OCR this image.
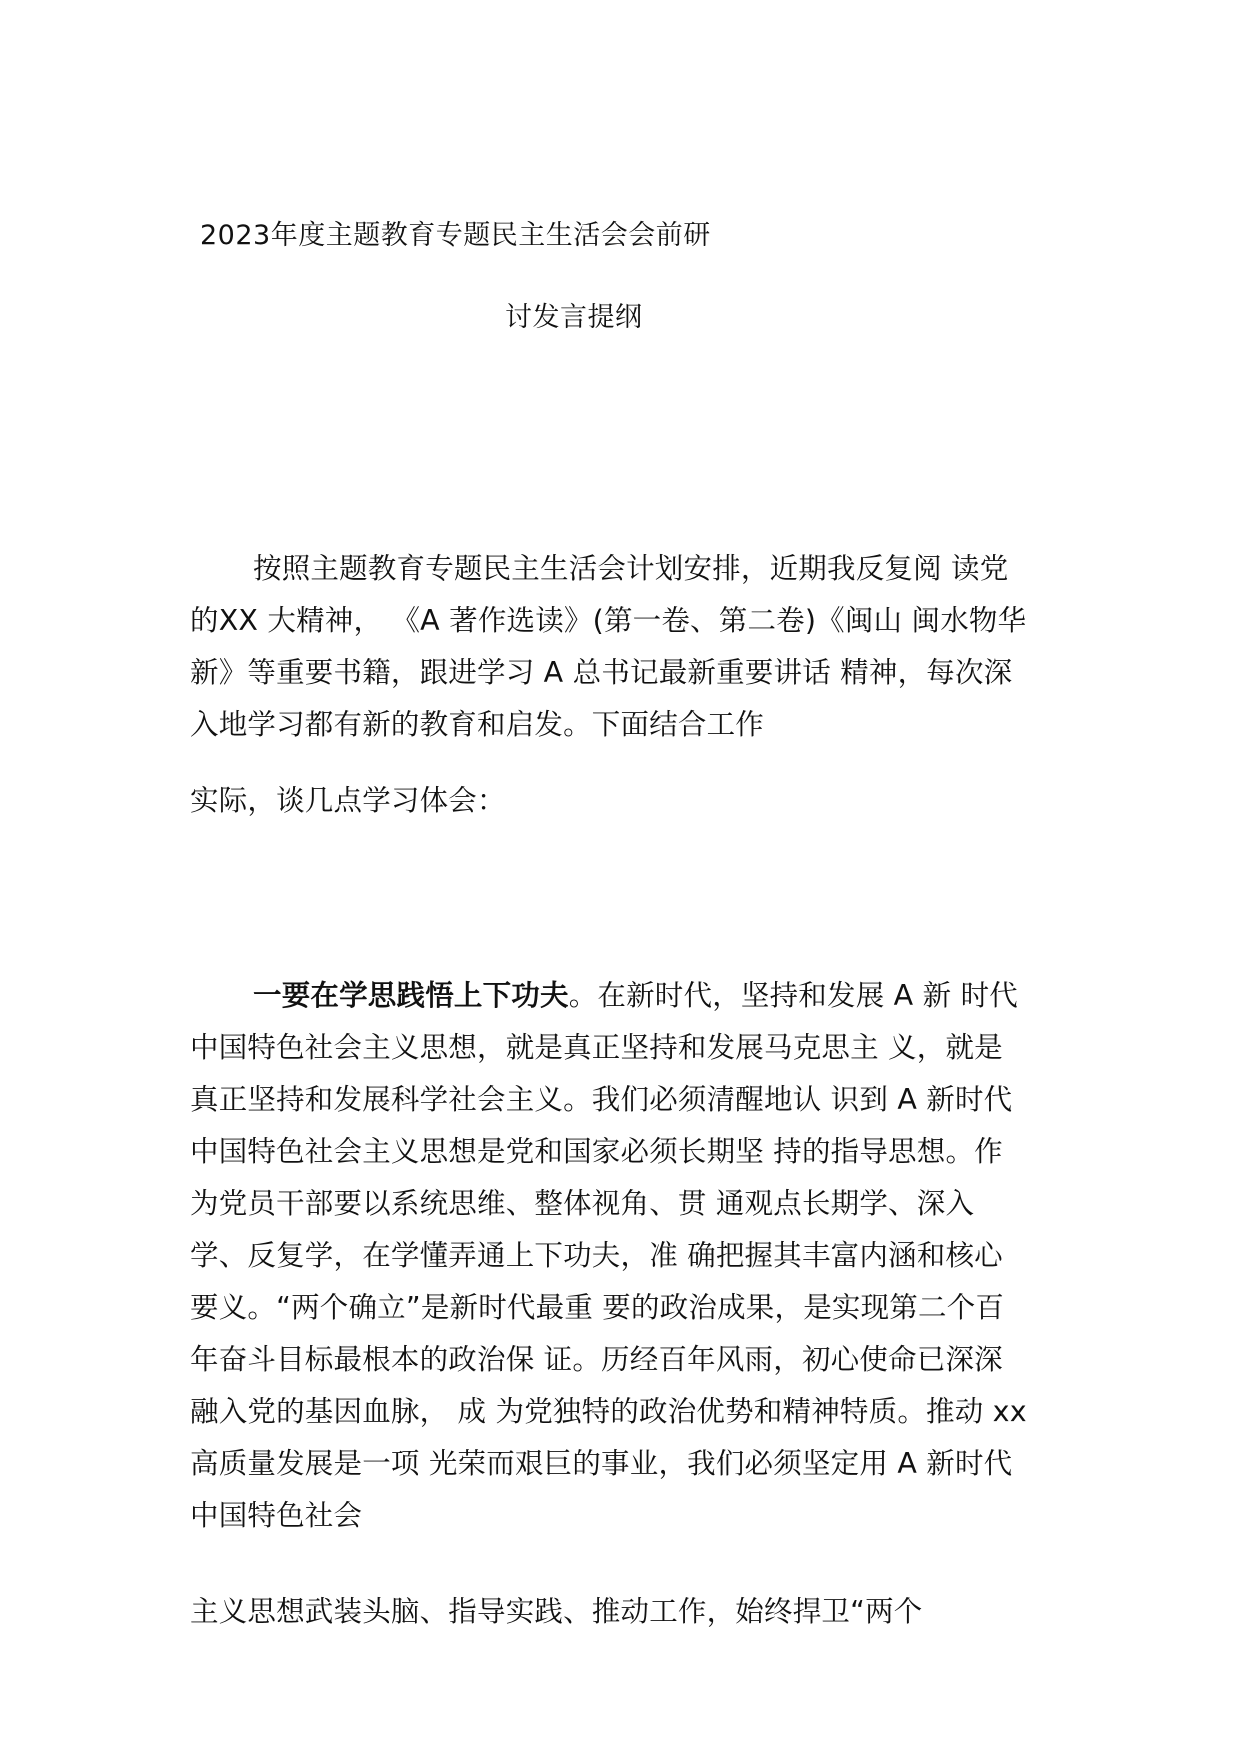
2023年度主题教育专题民主生活会会前研
讨发言提纲
按照主题教育专题民主生活会计划安排，近期我反复阅 读党
的XX 大精神， 《A 著作选读》(第一卷、第二卷)《闽山 闽水物华
新》等重要书籍，跟进学习 A 总书记最新重要讲话 精神，每次深
入地学习都有新的教育和启发。下面结合工作
实际，谈几点学习体会：
一要在学思践悟上下功夫。在新时代，坚持和发展 A 新 时代
中国特色社会主义思想，就是真正坚持和发展马克思主 义，就是
真正坚持和发展科学社会主义。我们必须清醒地认 识到 A 新时代
中国特色社会主义思想是党和国家必须长期坚 持的指导思想。作
为党员干部要以系统思维、整体视角、贯 通观点长期学、深入
学、反复学，在学懂弄通上下功夫，准 确把握其丰富内涵和核心
要义。“两个确立”是新时代最重 要的政治成果，是实现第二个百
年奋斗目标最根本的政治保 证。历经百年风雨，初心使命已深深
融入党的基因血脉， 成 为党独特的政治优势和精神特质。推动 xx
高质量发展是一项 光荣而艰巨的事业，我们必须坚定用 A 新时代
中国特色社会
主义思想武装头脑、指导实践、推动工作，始终捍卫“两个
